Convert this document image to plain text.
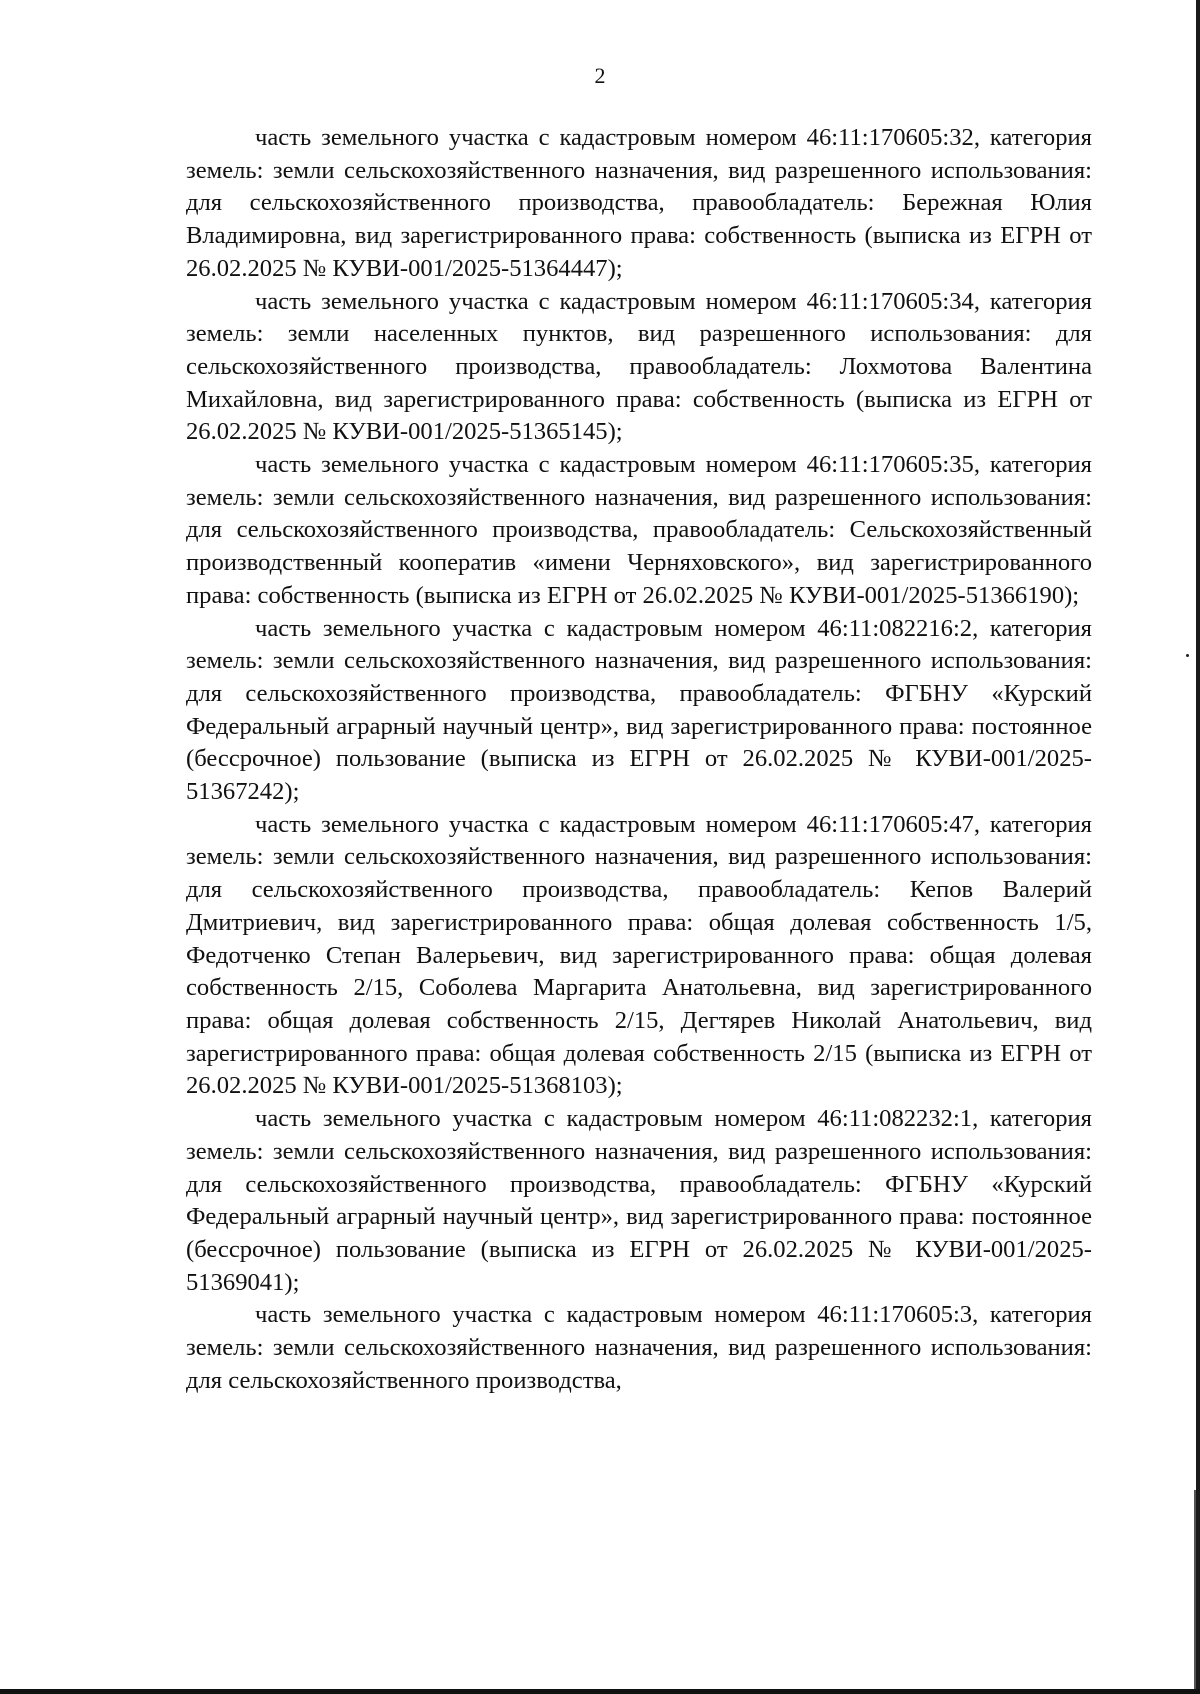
2

часть земельного участка с кадастровым номером 46:11:170605:32, категория земель: земли сельскохозяйственного назначения, вид разрешенного использования: для сельскохозяйственного производства, правообладатель: Бережная Юлия Владимировна, вид зарегистрированного права: собственность (выписка из ЕГРН от 26.02.2025 № КУВИ-001/2025-51364447);

часть земельного участка с кадастровым номером 46:11:170605:34, категория земель: земли населенных пунктов, вид разрешенного использования: для сельскохозяйственного производства, правообладатель: Лохмотова Валентина Михайловна, вид зарегистрированного права: собственность (выписка из ЕГРН от 26.02.2025 № КУВИ-001/2025-51365145);

часть земельного участка с кадастровым номером 46:11:170605:35, категория земель: земли сельскохозяйственного назначения, вид разрешенного использования: для сельскохозяйственного производства, правообладатель: Сельскохозяйственный производственный кооператив «имени Черняховского», вид зарегистрированного права: собственность (выписка из ЕГРН от 26.02.2025 № КУВИ-001/2025-51366190);

часть земельного участка с кадастровым номером 46:11:082216:2, категория земель: земли сельскохозяйственного назначения, вид разрешенного использования: для сельскохозяйственного производства, правообладатель: ФГБНУ «Курский Федеральный аграрный научный центр», вид зарегистрированного права: постоянное (бессрочное) пользование (выписка из ЕГРН от 26.02.2025 № КУВИ-001/2025-51367242);

часть земельного участка с кадастровым номером 46:11:170605:47, категория земель: земли сельскохозяйственного назначения, вид разрешенного использования: для сельскохозяйственного производства, правообладатель: Кепов Валерий Дмитриевич, вид зарегистрированного права: общая долевая собственность 1/5, Федотченко Степан Валерьевич, вид зарегистрированного права: общая долевая собственность 2/15, Соболева Маргарита Анатольевна, вид зарегистрированного права: общая долевая собственность 2/15, Дегтярев Николай Анатольевич, вид зарегистрированного права: общая долевая собственность 2/15 (выписка из ЕГРН от 26.02.2025 № КУВИ-001/2025-51368103);

часть земельного участка с кадастровым номером 46:11:082232:1, категория земель: земли сельскохозяйственного назначения, вид разрешенного использования: для сельскохозяйственного производства, правообладатель: ФГБНУ «Курский Федеральный аграрный научный центр», вид зарегистрированного права: постоянное (бессрочное) пользование (выписка из ЕГРН от 26.02.2025 № КУВИ-001/2025-51369041);

часть земельного участка с кадастровым номером 46:11:170605:3, категория земель: земли сельскохозяйственного назначения, вид разрешенного использования: для сельскохозяйственного производства,
